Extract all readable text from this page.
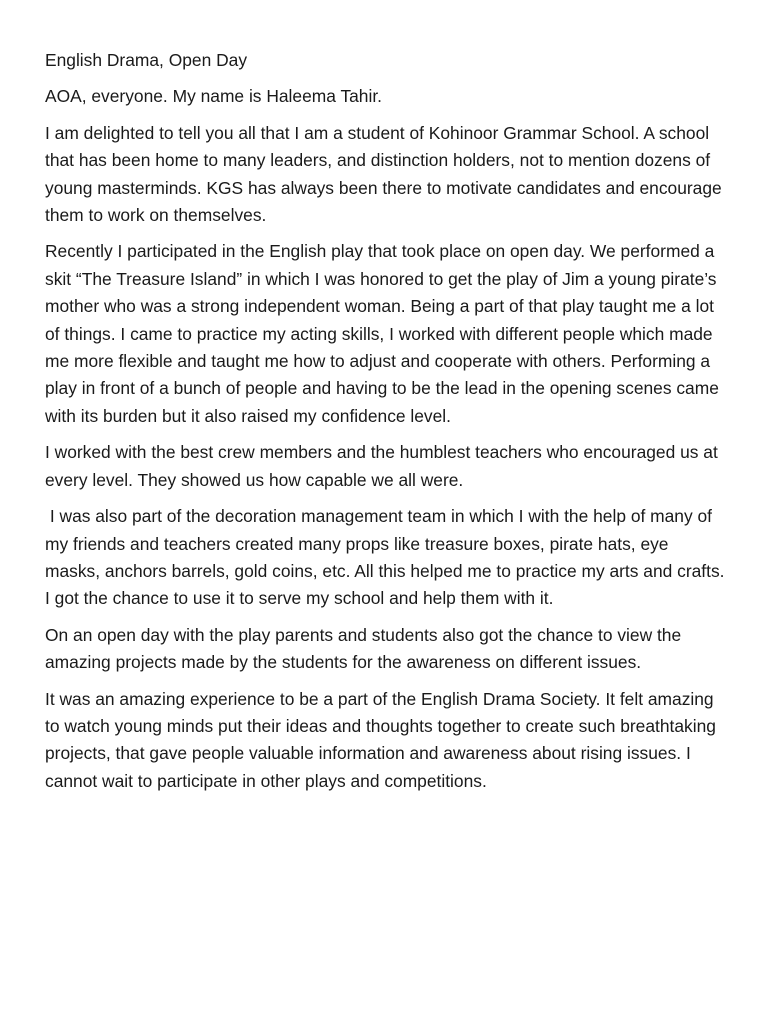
English Drama, Open Day

AOA, everyone. My name is Haleema Tahir.

I am delighted to tell you all that I am a student of Kohinoor Grammar School. A school that has been home to many leaders, and distinction holders, not to mention dozens of young masterminds. KGS has always been there to motivate candidates and encourage them to work on themselves.

Recently I participated in the English play that took place on open day. We performed a skit “The Treasure Island” in which I was honored to get the play of Jim a young pirate’s mother who was a strong independent woman. Being a part of that play taught me a lot of things. I came to practice my acting skills, I worked with different people which made me more flexible and taught me how to adjust and cooperate with others. Performing a play in front of a bunch of people and having to be the lead in the opening scenes came with its burden but it also raised my confidence level.

I worked with the best crew members and the humblest teachers who encouraged us at every level. They showed us how capable we all were.

I was also part of the decoration management team in which I with the help of many of my friends and teachers created many props like treasure boxes, pirate hats, eye masks, anchors barrels, gold coins, etc. All this helped me to practice my arts and crafts. I got the chance to use it to serve my school and help them with it.

On an open day with the play parents and students also got the chance to view the amazing projects made by the students for the awareness on different issues.

It was an amazing experience to be a part of the English Drama Society. It felt amazing to watch young minds put their ideas and thoughts together to create such breathtaking projects, that gave people valuable information and awareness about rising issues. I cannot wait to participate in other plays and competitions.
